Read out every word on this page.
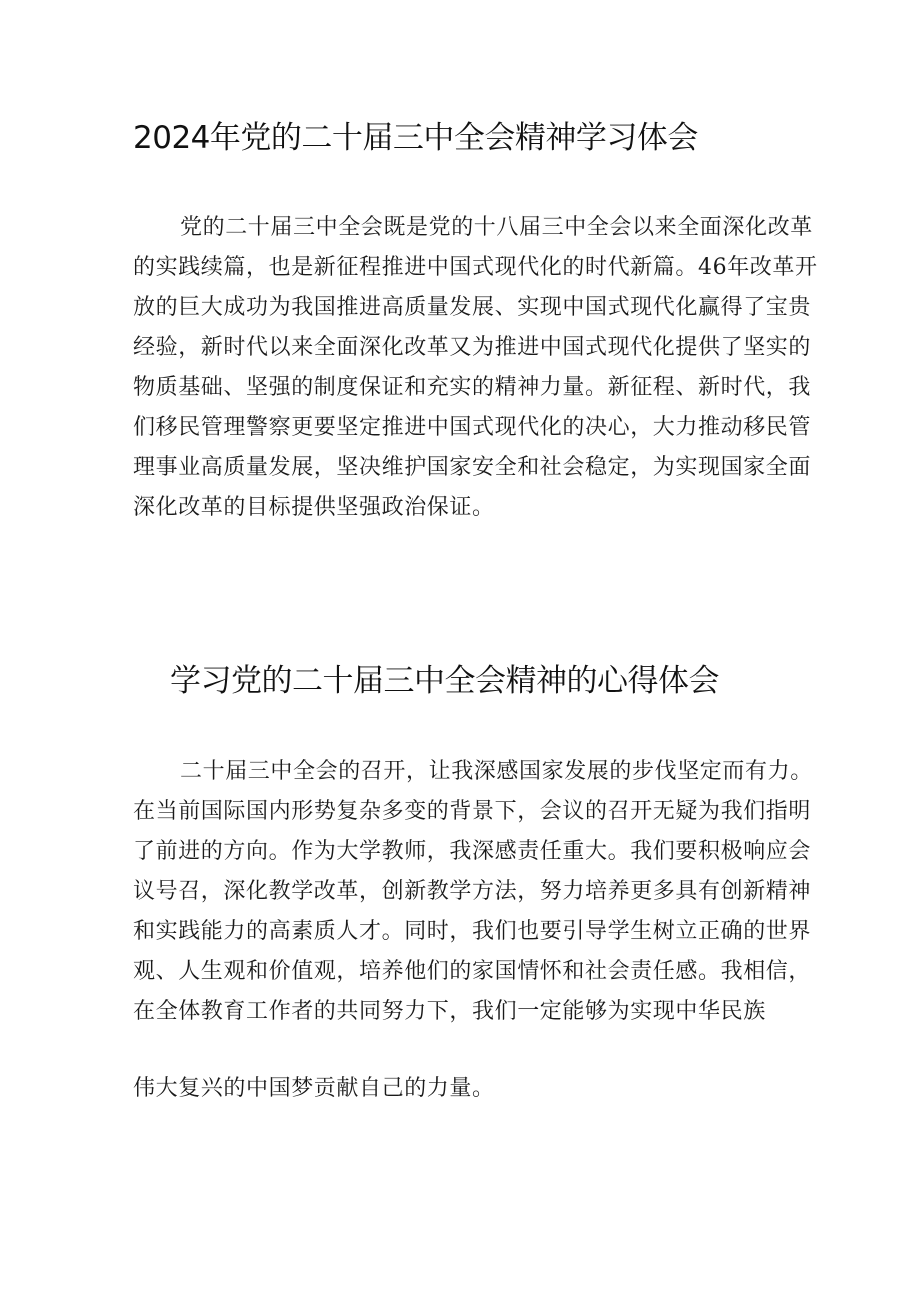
2024年党的二十届三中全会精神学习体会
党的二十届三中全会既是党的十八届三中全会以来全面深化改革
的实践续篇，也是新征程推进中国式现代化的时代新篇。46年改革开
放的巨大成功为我国推进高质量发展、实现中国式现代化赢得了宝贵
经验，新时代以来全面深化改革又为推进中国式现代化提供了坚实的
物质基础、坚强的制度保证和充实的精神力量。新征程、新时代，我
们移民管理警察更要坚定推进中国式现代化的决心，大力推动移民管
理事业高质量发展，坚决维护国家安全和社会稳定，为实现国家全面
深化改革的目标提供坚强政治保证。
学习党的二十届三中全会精神的心得体会
二十届三中全会的召开，让我深感国家发展的步伐坚定而有力。
在当前国际国内形势复杂多变的背景下，会议的召开无疑为我们指明
了前进的方向。作为大学教师，我深感责任重大。我们要积极响应会
议号召，深化教学改革，创新教学方法，努力培养更多具有创新精神
和实践能力的高素质人才。同时，我们也要引导学生树立正确的世界
观、人生观和价值观，培养他们的家国情怀和社会责任感。我相信，
在全体教育工作者的共同努力下，我们一定能够为实现中华民族
伟大复兴的中国梦贡献自己的力量。
